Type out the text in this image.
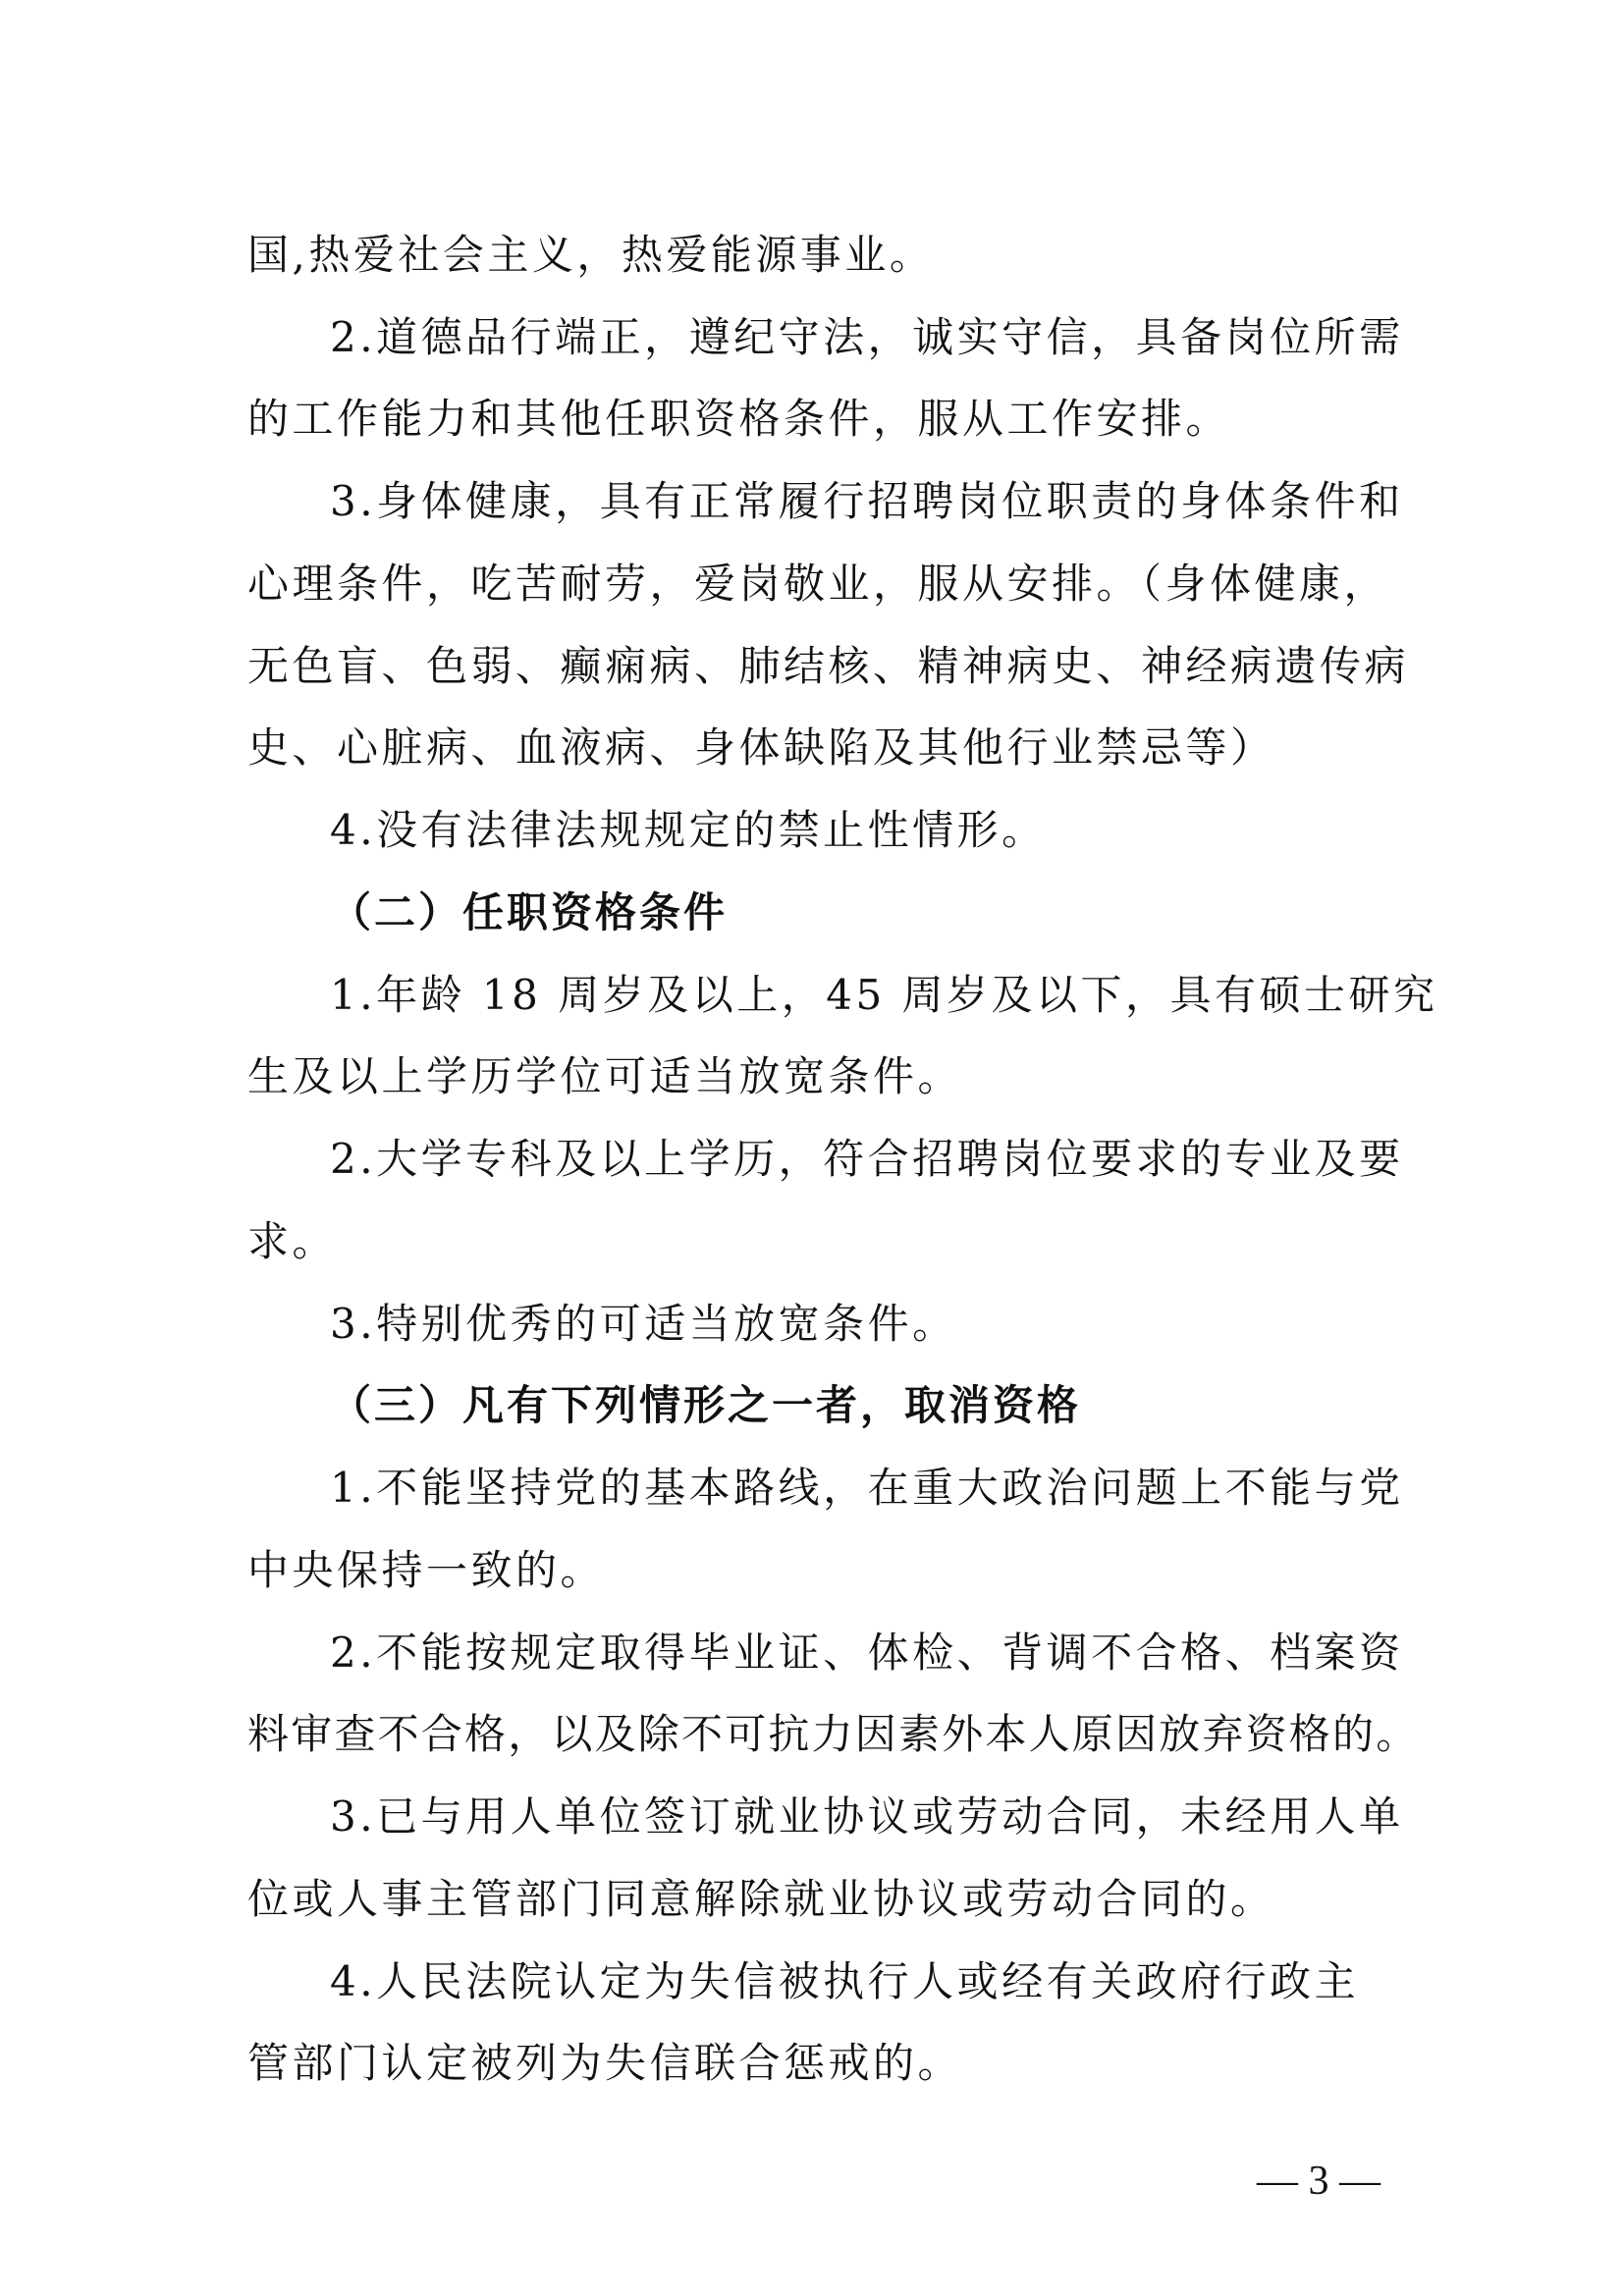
国,热爱社会主义，热爱能源事业。
2.道德品行端正，遵纪守法，诚实守信，具备岗位所需
的工作能力和其他任职资格条件，服从工作安排。
3.身体健康，具有正常履行招聘岗位职责的身体条件和
心理条件，吃苦耐劳，爱岗敬业，服从安排。（身体健康，
无色盲、色弱、癫痫病、肺结核、精神病史、神经病遗传病
史、心脏病、血液病、身体缺陷及其他行业禁忌等）
4.没有法律法规规定的禁止性情形。
（二）任职资格条件
1.年龄 18 周岁及以上，45 周岁及以下，具有硕士研究
生及以上学历学位可适当放宽条件。
2.大学专科及以上学历，符合招聘岗位要求的专业及要
求。
3.特别优秀的可适当放宽条件。
（三）凡有下列情形之一者，取消资格
1.不能坚持党的基本路线，在重大政治问题上不能与党
中央保持一致的。
2.不能按规定取得毕业证、体检、背调不合格、档案资
料审查不合格，以及除不可抗力因素外本人原因放弃资格的。
3.已与用人单位签订就业协议或劳动合同，未经用人单
位或人事主管部门同意解除就业协议或劳动合同的。
4.人民法院认定为失信被执行人或经有关政府行政主
管部门认定被列为失信联合惩戒的。
— 3 —
